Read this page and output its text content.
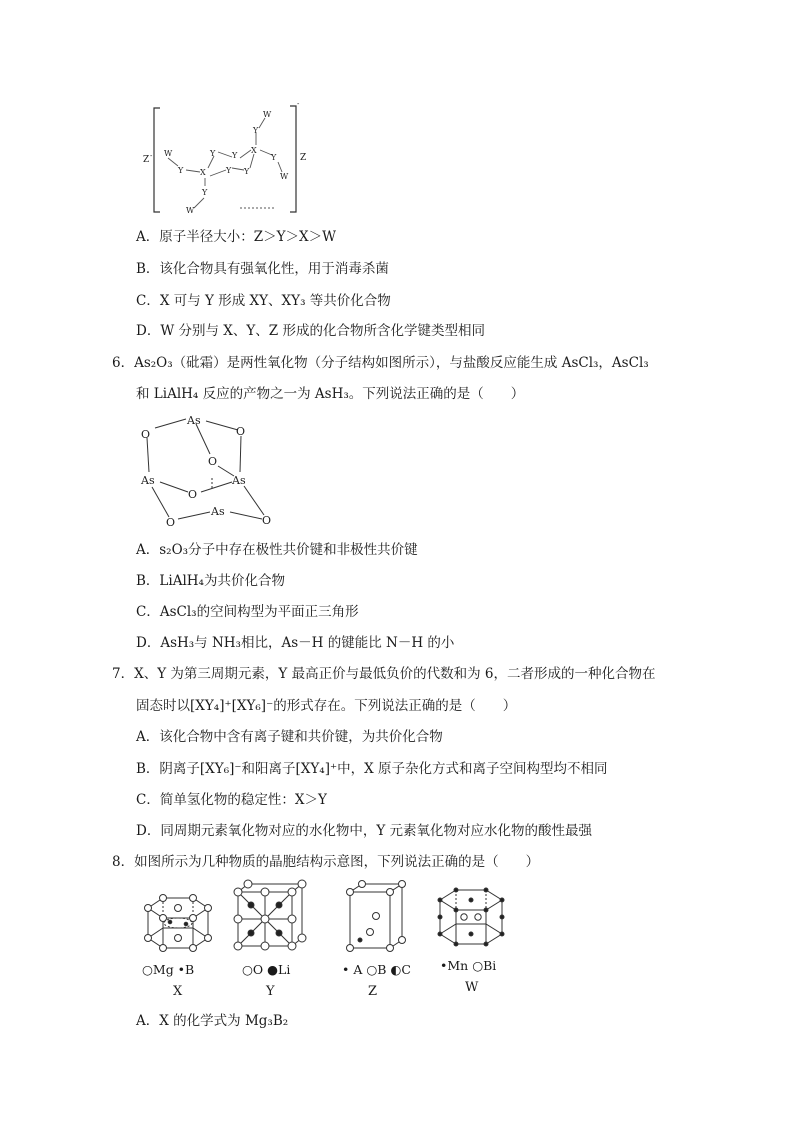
W
Y X
Y
Y
Y
Y
X
Y
W
Y
W
Y
W
Z -	Z
-
A．原子半径大小：Z＞Y＞X＞W
B．该化合物具有强氧化性，用于消毒杀菌
C．X 可与 Y 形成 XY、XY₃ 等共价化合物
D．W 分别与 X、Y、Z 形成的化合物所含化学键类型相同
6．As₂O₃（砒霜）是两性氧化物（分子结构如图所示），与盐酸反应能生成 AsCl₃，AsCl₃
和 LiAlH₄ 反应的产物之一为 AsH₃。下列说法正确的是（　　）
As
O	O
O
As
O
As
O
As
O
A．s₂O₃分子中存在极性共价键和非极性共价键
B．LiAlH₄为共价化合物
C．AsCl₃的空间构型为平面正三角形
D．AsH₃与 NH₃相比，As－H 的键能比 N－H 的小
7．X、Y 为第三周期元素，Y 最高正价与最低负价的代数和为 6，二者形成的一种化合物在
固态时以[XY₄]⁺[XY₆]⁻的形式存在。下列说法正确的是（　　）
A．该化合物中含有离子键和共价键，为共价化合物
B．阴离子[XY₆]⁻和阳离子[XY₄]⁺中，X 原子杂化方式和离子空间构型均不相同
C．简单氢化物的稳定性：X＞Y
D．同周期元素氧化物对应的水化物中，Y 元素氧化物对应水化物的酸性最强
8．如图所示为几种物质的晶胞结构示意图，下列说法正确的是（　　）
○Mg •B
X
○O ●Li
Y
• A ○B ◐C
Z
•Mn ○Bi
W
A．X 的化学式为 Mg₃B₂
